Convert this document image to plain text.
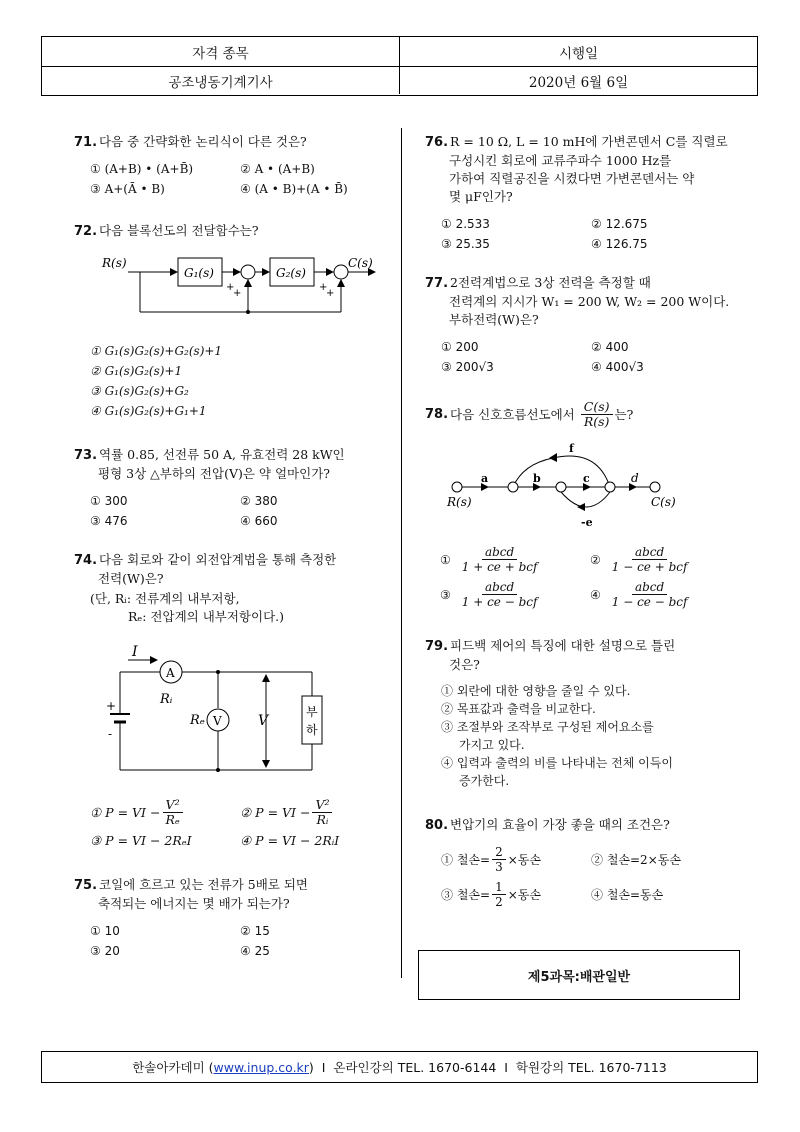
자격 종목	시행일
공조냉동기계기사	2020년 6월 6일
71. 다음 중 간략화한 논리식이 다른 것은?
① (A+B) • (A+B̄)	② A • (A+B)
③ A+(Ā • B)	④ (A • B)+(A • B̄)
72. 다음 블록선도의 전달함수는?
R(s)
G₁(s)	G₂(s)
C(s)
+
+
+
+
① G₁(s)G₂(s)+G₂(s)+1
② G₁(s)G₂(s)+1
③ G₁(s)G₂(s)+G₂
④ G₁(s)G₂(s)+G₁+1
73. 역률 0.85, 선전류 50 A, 유효전력 28 kW인
평형 3상 △부하의 전압(V)은 약 얼마인가?
① 300	② 380
③ 476	④ 660
74. 다음 회로와 같이 외전압계법을 통해 측정한
전력(W)은?
(단, Rᵢ: 전류계의 내부저항,
Rₑ: 전압계의 내부저항이다.)
I
A
Rᵢ
+
-
V
Rₑ	V
부
하
① P = VI − $\frac{\text{V²}}{\text{Rₑ}}$	② P = VI − $\frac{\text{V²}}{\text{Rᵢ}}$
③ P = VI − 2RₑI	④ P = VI − 2RᵢI
75. 코일에 흐르고 있는 전류가 5배로 되면
축적되는 에너지는 몇 배가 되는가?
① 10	② 15
③ 20	④ 25
76. R = 10 Ω, L = 10 mH에 가변콘덴서 C를 직렬로
구성시킨 회로에 교류주파수 1000 Hz를
가하여 직렬공진을 시켰다면 가변콘덴서는 약
몇 μF인가?
① 2.533	② 12.675
③ 25.35	④ 126.75
77. 2전력계법으로 3상 전력을 측정할 때
전력계의 지시가 W₁ = 200 W, W₂ = 200 W이다.
부하전력(W)은?
① 200	② 400
③ 200√3	④ 400√3
78. 다음 신호흐름선도에서 $\frac{C(s)}{R(s)}$ 는?
f
a	b	c	d
-e
R(s)	C(s)
① $\frac{\text{abcd}}{\text{1 + ce + bcf}}$	② $\frac{\text{abcd}}{\text{1 − ce + bcf}}$
③ $\frac{\text{abcd}}{\text{1 + ce − bcf}}$	④ $\frac{\text{abcd}}{\text{1 − ce − bcf}}$
79. 피드백 제어의 특징에 대한 설명으로 틀린
것은?
① 외란에 대한 영향을 줄일 수 있다.
② 목표값과 출력을 비교한다.
③ 조절부와 조작부로 구성된 제어요소를
가지고 있다.
④ 입력과 출력의 비를 나타내는 전체 이득이
증가한다.
80. 변압기의 효율이 가장 좋을 때의 조건은?
① 철손= $\frac{2}{3}$ ×동손	② 철손=2×동손
③ 철손= $\frac{1}{2}$ ×동손	④ 철손=동손
제5과목:배관일반
한솔아카데미 ( www.inup.co.kr )  I  온라인강의 TEL. 1670-6144  I  학원강의 TEL. 1670-7113
